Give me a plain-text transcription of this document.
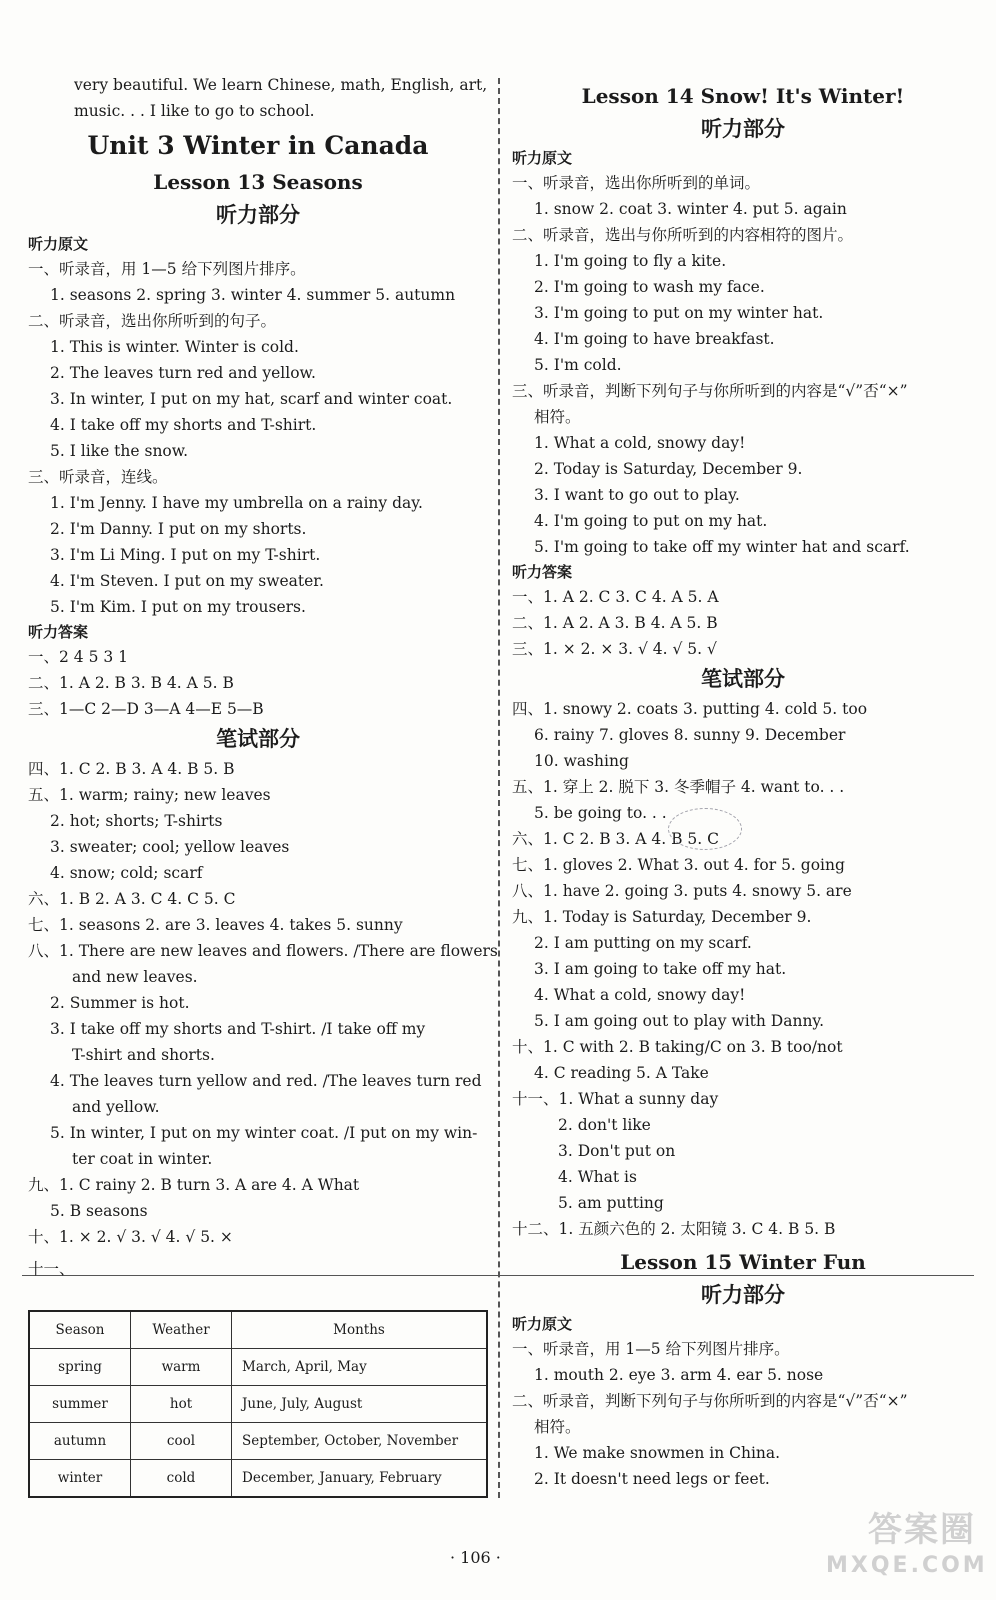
very beautiful. We learn Chinese, math, English, art,
music. . . I like to go to school.
Unit 3 Winter in Canada
Lesson 13 Seasons
听力部分
听力原文
一、听录音，用 1—5 给下列图片排序。
1. seasons 2. spring 3. winter 4. summer 5. autumn
二、听录音，选出你所听到的句子。
1. This is winter. Winter is cold.
2. The leaves turn red and yellow.
3. In winter, I put on my hat, scarf and winter coat.
4. I take off my shorts and T-shirt.
5. I like the snow.
三、听录音，连线。
1. I'm Jenny. I have my umbrella on a rainy day.
2. I'm Danny. I put on my shorts.
3. I'm Li Ming. I put on my T-shirt.
4. I'm Steven. I put on my sweater.
5. I'm Kim. I put on my trousers.
听力答案
一、2 4 5 3 1
二、1. A 2. B 3. B 4. A 5. B
三、1—C 2—D 3—A 4—E 5—B
笔试部分
四、1. C 2. B 3. A 4. B 5. B
五、1. warm; rainy; new leaves
2. hot; shorts; T-shirts
3. sweater; cool; yellow leaves
4. snow; cold; scarf
六、1. B 2. A 3. C 4. C 5. C
七、1. seasons 2. are 3. leaves 4. takes 5. sunny
八、1. There are new leaves and flowers. /There are flowers
and new leaves.
2. Summer is hot.
3. I take off my shorts and T-shirt. /I take off my
T-shirt and shorts.
4. The leaves turn yellow and red. /The leaves turn red
and yellow.
5. In winter, I put on my winter coat. /I put on my win-
ter coat in winter.
九、1. C rainy 2. B turn 3. A are 4. A What
5. B seasons
十、1. × 2. √ 3. √ 4. √ 5. ×
十一、
Season	Weather	Months
spring	warm	March, April, May
summer	hot	June, July, August
autumn	cool	September, October, November
winter	cold	December, January, February
Lesson 14 Snow! It's Winter!
听力部分
听力原文
一、听录音，选出你所听到的单词。
1. snow 2. coat 3. winter 4. put 5. again
二、听录音，选出与你所听到的内容相符的图片。
1. I'm going to fly a kite.
2. I'm going to wash my face.
3. I'm going to put on my winter hat.
4. I'm going to have breakfast.
5. I'm cold.
三、听录音，判断下列句子与你所听到的内容是“√”否“×”
相符。
1. What a cold, snowy day!
2. Today is Saturday, December 9.
3. I want to go out to play.
4. I'm going to put on my hat.
5. I'm going to take off my winter hat and scarf.
听力答案
一、1. A 2. C 3. C 4. A 5. A
二、1. A 2. A 3. B 4. A 5. B
三、1. × 2. × 3. √ 4. √ 5. √
笔试部分
四、1. snowy 2. coats 3. putting 4. cold 5. too
6. rainy 7. gloves 8. sunny 9. December
10. washing
五、1. 穿上 2. 脱下 3. 冬季帽子 4. want to. . .
5. be going to. . .
六、1. C 2. B 3. A 4. B 5. C
七、1. gloves 2. What 3. out 4. for 5. going
八、1. have 2. going 3. puts 4. snowy 5. are
九、1. Today is Saturday, December 9.
2. I am putting on my scarf.
3. I am going to take off my hat.
4. What a cold, snowy day!
5. I am going out to play with Danny.
十、1. C with 2. B taking/C on 3. B too/not
4. C reading 5. A Take
十一、1. What a sunny day
2. don't like
3. Don't put on
4. What is
5. am putting
十二、1. 五颜六色的 2. 太阳镜 3. C 4. B 5. B
Lesson 15 Winter Fun
听力部分
听力原文
一、听录音，用 1—5 给下列图片排序。
1. mouth 2. eye 3. arm 4. ear 5. nose
二、听录音，判断下列句子与你所听到的内容是“√”否“×”
相符。
1. We make snowmen in China.
2. It doesn't need legs or feet.
· 106 ·
答案圈
MXQE.COM
